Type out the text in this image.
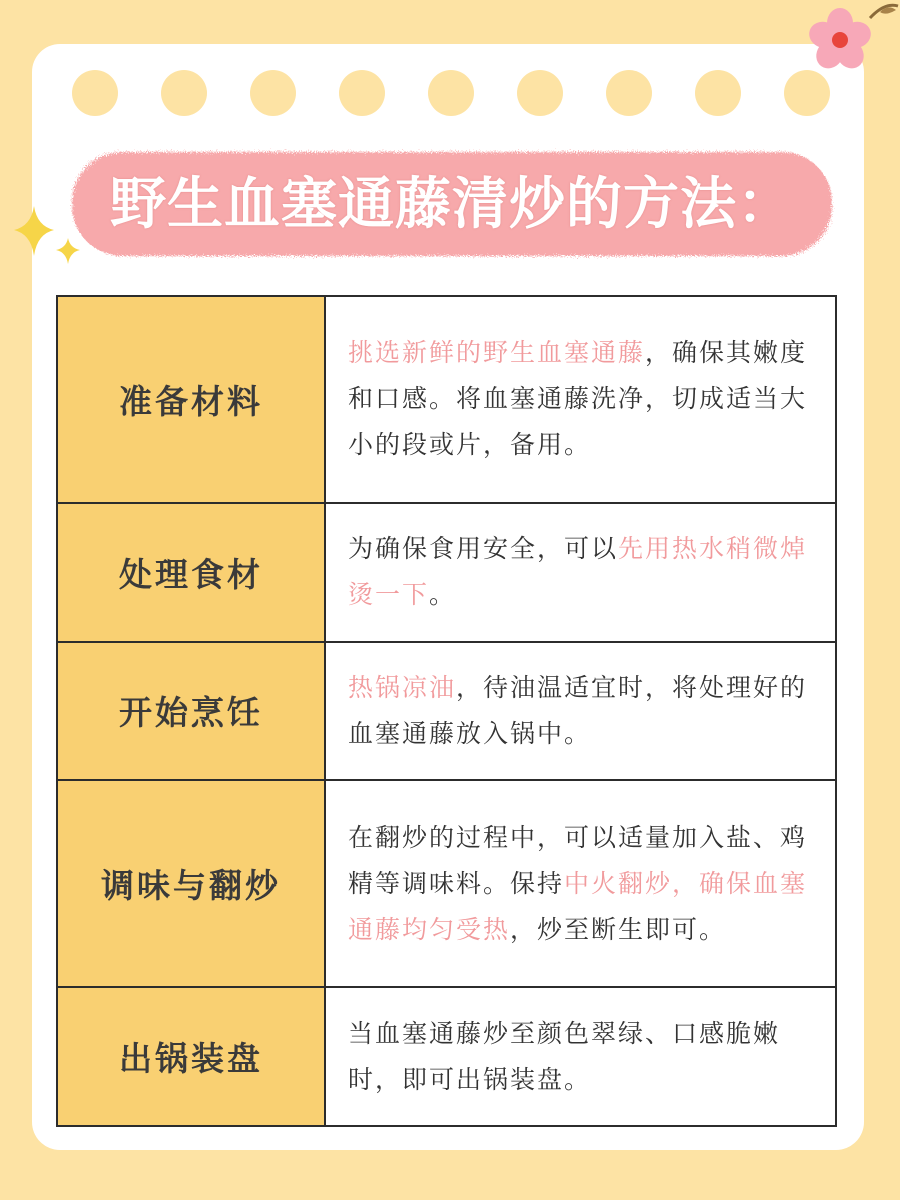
野生血塞通藤清炒的方法：
准备材料	挑选新鲜的野生血塞通藤，确保其嫩度和口感。将血塞通藤洗净，切成适当大小的段或片，备用。
处理食材	为确保食用安全，可以先用热水稍微焯烫一下。
开始烹饪	热锅凉油，待油温适宜时，将处理好的血塞通藤放入锅中。
调味与翻炒	在翻炒的过程中，可以适量加入盐、鸡精等调味料。保持中火翻炒，确保血塞通藤均匀受热，炒至断生即可。
出锅装盘	当血塞通藤炒至颜色翠绿、口感脆嫩时，即可出锅装盘。
